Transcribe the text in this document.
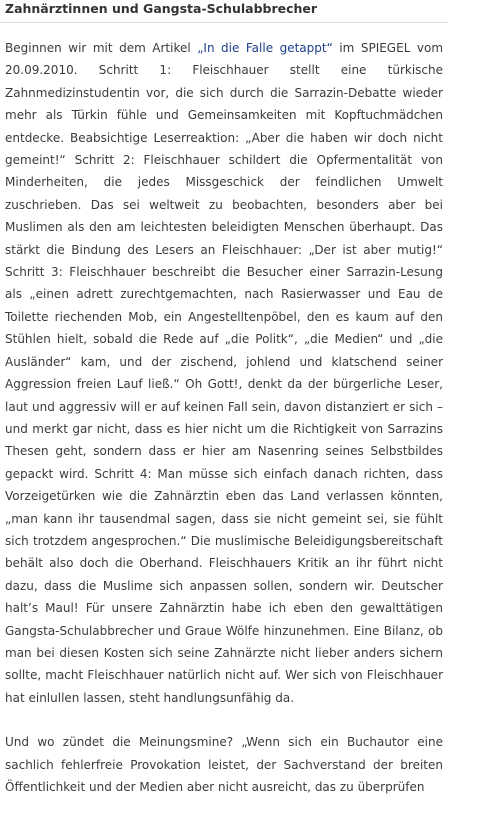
Zahnärztinnen und Gangsta-Schulabbrecher

Beginnen wir mit dem Artikel „In die Falle getappt“ im SPIEGEL vom 20.09.2010. Schritt 1: Fleischhauer stellt eine türkische Zahnmedizinstudentin vor, die sich durch die Sarrazin-Debatte wieder mehr als Türkin fühle und Gemeinsamkeiten mit Kopftuchmädchen entdecke. Beabsichtige Leserreaktion: „Aber die haben wir doch nicht gemeint!“ Schritt 2: Fleischhauer schildert die Opfermentalität von Minderheiten, die jedes Missgeschick der feindlichen Umwelt zuschrieben. Das sei weltweit zu beobachten, besonders aber bei Muslimen als den am leichtesten beleidigten Menschen überhaupt. Das stärkt die Bindung des Lesers an Fleischhauer: „Der ist aber mutig!“ Schritt 3: Fleischhauer beschreibt die Besucher einer Sarrazin-Lesung als „einen adrett zurechtgemachten, nach Rasierwasser und Eau de Toilette riechenden Mob, ein Angestelltenpöbel, den es kaum auf den Stühlen hielt, sobald die Rede auf „die Politk“, „die Medien“ und „die Ausländer“ kam, und der zischend, johlend und klatschend seiner Aggression freien Lauf ließ.“ Oh Gott!, denkt da der bürgerliche Leser, laut und aggressiv will er auf keinen Fall sein, davon distanziert er sich – und merkt gar nicht, dass es hier nicht um die Richtigkeit von Sarrazins Thesen geht, sondern dass er hier am Nasenring seines Selbstbildes gepackt wird. Schritt 4: Man müsse sich einfach danach richten, dass Vorzeigetürken wie die Zahnärztin eben das Land verlassen könnten, „man kann ihr tausendmal sagen, dass sie nicht gemeint sei, sie fühlt sich trotzdem angesprochen.“ Die muslimische Beleidigungsbereitschaft behält also doch die Oberhand. Fleischhauers Kritik an ihr führt nicht dazu, dass die Muslime sich anpassen sollen, sondern wir. Deutscher halt’s Maul! Für unsere Zahnärztin habe ich eben den gewalttätigen Gangsta-Schulabbrecher und Graue Wölfe hinzunehmen. Eine Bilanz, ob man bei diesen Kosten sich seine Zahnärzte nicht lieber anders sichern sollte, macht Fleischhauer natürlich nicht auf. Wer sich von Fleischhauer hat einlullen lassen, steht handlungsunfähig da.

Und wo zündet die Meinungsmine? „Wenn sich ein Buchautor eine sachlich fehlerfreie Provokation leistet, der Sachverstand der breiten Öffentlichkeit und der Medien aber nicht ausreicht, das zu überprüfen
